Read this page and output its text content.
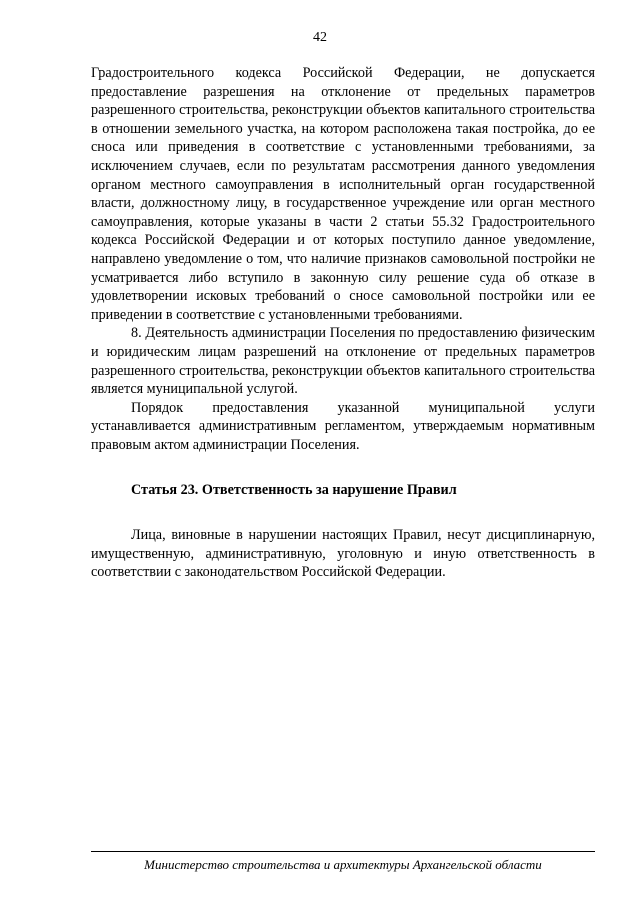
42

Градостроительного кодекса Российской Федерации, не допускается предоставление разрешения на отклонение от предельных параметров разрешенного строительства, реконструкции объектов капитального строительства в отношении земельного участка, на котором расположена такая постройка, до ее сноса или приведения в соответствие с установленными требованиями, за исключением случаев, если по результатам рассмотрения данного уведомления органом местного самоуправления в исполнительный орган государственной власти, должностному лицу, в государственное учреждение или орган местного самоуправления, которые указаны в части 2 статьи 55.32 Градостроительного кодекса Российской Федерации и от которых поступило данное уведомление, направлено уведомление о том, что наличие признаков самовольной постройки не усматривается либо вступило в законную силу решение суда об отказе в удовлетворении исковых требований о сносе самовольной постройки или ее приведении в соответствие с установленными требованиями.

8. Деятельность администрации Поселения по предоставлению физическим и юридическим лицам разрешений на отклонение от предельных параметров разрешенного строительства, реконструкции объектов капитального строительства является муниципальной услугой.

Порядок предоставления указанной муниципальной услуги устанавливается административным регламентом, утверждаемым нормативным правовым актом администрации Поселения.

Статья 23. Ответственность за нарушение Правил

Лица, виновные в нарушении настоящих Правил, несут дисциплинарную, имущественную, административную, уголовную и иную ответственность в соответствии с законодательством Российской Федерации.

Министерство строительства и архитектуры Архангельской области
